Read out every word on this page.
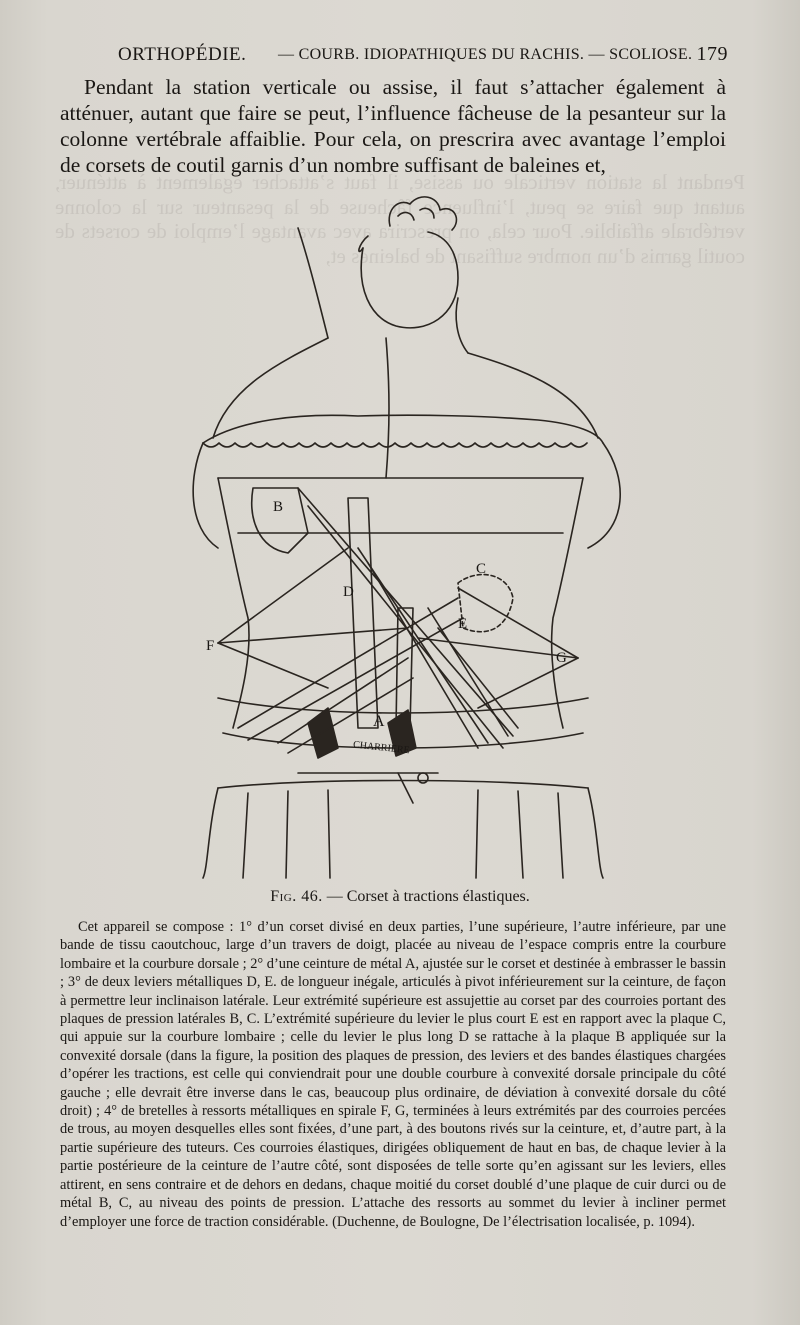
Pendant la station verticale ou assise, il faut s’attacher également à atténuer, autant que faire se peut, l’influence fâcheuse de la pesanteur sur la colonne vertébrale affaiblie. Pour cela, on prescrira avec avantage l’emploi de corsets de coutil garnis d’un nombre suffisant de baleines et,
ORTHOPÉDIE. — COURB. IDIOPATHIQUES DU RACHIS. — SCOLIOSE. 179

Pendant la station verticale ou assise, il faut s’attacher également à atténuer, autant que faire se peut, l’influence fâcheuse de la pesanteur sur la colonne vertébrale affaiblie. Pour cela, on prescrira avec avantage l’emploi de corsets de coutil garnis d’un nombre suffisant de baleines et,

B
C
D
E
F
G
A
CHARRIERE
Fig. 46. — Corset à tractions élastiques.

Cet appareil se compose : 1° d’un corset divisé en deux parties, l’une supérieure, l’autre inférieure, par une bande de tissu caoutchouc, large d’un travers de doigt, placée au niveau de l’espace compris entre la courbure lombaire et la courbure dorsale ; 2° d’une ceinture de métal A, ajustée sur le corset et destinée à embrasser le bassin ; 3° de deux leviers métalliques D, E. de longueur inégale, articulés à pivot inférieurement sur la ceinture, de façon à permettre leur inclinaison latérale. Leur extrémité supérieure est assujettie au corset par des courroies portant des plaques de pression latérales B, C. L’extrémité supérieure du levier le plus court E est en rapport avec la plaque C, qui appuie sur la courbure lombaire ; celle du levier le plus long D se rattache à la plaque B appliquée sur la convexité dorsale (dans la figure, la position des plaques de pression, des leviers et des bandes élastiques chargées d’opérer les tractions, est celle qui conviendrait pour une double courbure à convexité dorsale principale du côté gauche ; elle devrait être inverse dans le cas, beaucoup plus ordinaire, de déviation à convexité dorsale du côté droit) ; 4° de bretelles à ressorts métalliques en spirale F, G, terminées à leurs extrémités par des courroies percées de trous, au moyen desquelles elles sont fixées, d’une part, à des boutons rivés sur la ceinture, et, d’autre part, à la partie supérieure des tuteurs. Ces courroies élastiques, dirigées obliquement de haut en bas, de chaque levier à la partie postérieure de la ceinture de l’autre côté, sont disposées de telle sorte qu’en agissant sur les leviers, elles attirent, en sens contraire et de dehors en dedans, chaque moitié du corset doublé d’une plaque de cuir durci ou de métal B, C, au niveau des points de pression. L’attache des ressorts au sommet du levier à incliner permet d’employer une force de traction considérable. (Duchenne, de Boulogne, De l’électrisation localisée, p. 1094).
